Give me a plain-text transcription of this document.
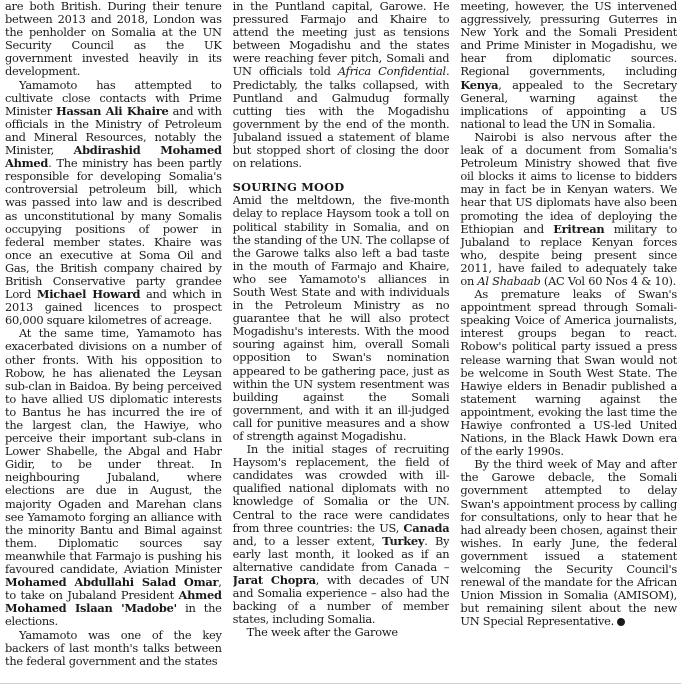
are both British. During their tenure between 2013 and 2018, London was the penholder on Somalia at the UN Security Council as the UK government invested heavily in its development.

Yamamoto has attempted to cultivate close contacts with Prime Minister Hassan Ali Khaire and with officials in the Ministry of Petroleum and Mineral Resources, notably the Minister, Abdirashid Mohamed Ahmed. The ministry has been partly responsible for developing Somalia's controversial petroleum bill, which was passed into law and is described as unconstitutional by many Somalis occupying positions of power in federal member states. Khaire was once an executive at Soma Oil and Gas, the British company chaired by British Conservative party grandee Lord Michael Howard and which in 2013 gained licences to prospect 60,000 square kilometres of acreage.

At the same time, Yamamoto has exacerbated divisions on a number of other fronts. With his opposition to Robow, he has alienated the Leysan sub-clan in Baidoa. By being perceived to have allied US diplomatic interests to Bantus he has incurred the ire of the largest clan, the Hawiye, who perceive their important sub-clans in Lower Shabelle, the Abgal and Habr Gidir, to be under threat. In neighbouring Jubaland, where elections are due in August, the majority Ogaden and Marehan clans see Yamamoto forging an alliance with the minority Bantu and Bimal against them. Diplomatic sources say meanwhile that Farmajo is pushing his favoured candidate, Aviation Minister Mohamed Abdullahi Salad Omar, to take on Jubaland President Ahmed Mohamed Islaan 'Madobe' in the elections.

Yamamoto was one of the key backers of last month's talks between the federal government and the states

in the Puntland capital, Garowe. He pressured Farmajo and Khaire to attend the meeting just as tensions between Mogadishu and the states were reaching fever pitch, Somali and UN officials told Africa Confidential. Predictably, the talks collapsed, with Puntland and Galmudug formally cutting ties with the Mogadishu government by the end of the month. Jubaland issued a statement of blame but stopped short of closing the door on relations.

SOURING MOOD

Amid the meltdown, the five-month delay to replace Haysom took a toll on political stability in Somalia, and on the standing of the UN. The collapse of the Garowe talks also left a bad taste in the mouth of Farmajo and Khaire, who see Yamamoto's alliances in South West State and with individuals in the Petroleum Ministry as no guarantee that he will also protect Mogadishu's interests. With the mood souring against him, overall Somali opposition to Swan's nomination appeared to be gathering pace, just as within the UN system resentment was building against the Somali government, and with it an ill-judged call for punitive measures and a show of strength against Mogadishu.

In the initial stages of recruiting Haysom's replacement, the field of candidates was crowded with ill-qualified national diplomats with no knowledge of Somalia or the UN. Central to the race were candidates from three countries: the US, Canada and, to a lesser extent, Turkey. By early last month, it looked as if an alternative candidate from Canada – Jarat Chopra, with decades of UN and Somalia experience – also had the backing of a number of member states, including Somalia.

The week after the Garowe

meeting, however, the US intervened aggressively, pressuring Guterres in New York and the Somali President and Prime Minister in Mogadishu, we hear from diplomatic sources. Regional governments, including Kenya, appealed to the Secretary General, warning against the implications of appointing a US national to lead the UN in Somalia.

Nairobi is also nervous after the leak of a document from Somalia's Petroleum Ministry showed that five oil blocks it aims to license to bidders may in fact be in Kenyan waters. We hear that US diplomats have also been promoting the idea of deploying the Ethiopian and Eritrean military to Jubaland to replace Kenyan forces who, despite being present since 2011, have failed to adequately take on Al Shabaab (AC Vol 60 Nos 4 & 10).

As premature leaks of Swan's appointment spread through Somali-speaking Voice of America journalists, interest groups began to react. Robow's political party issued a press release warning that Swan would not be welcome in South West State. The Hawiye elders in Benadir published a statement warning against the appointment, evoking the last time the Hawiye confronted a US-led United Nations, in the Black Hawk Down era of the early 1990s.

By the third week of May and after the Garowe debacle, the Somali government attempted to delay Swan's appointment process by calling for consultations, only to hear that he had already been chosen, against their wishes. In early June, the federal government issued a statement welcoming the Security Council's renewal of the mandate for the African Union Mission in Somalia (AMISOM), but remaining silent about the new UN Special Representative.
